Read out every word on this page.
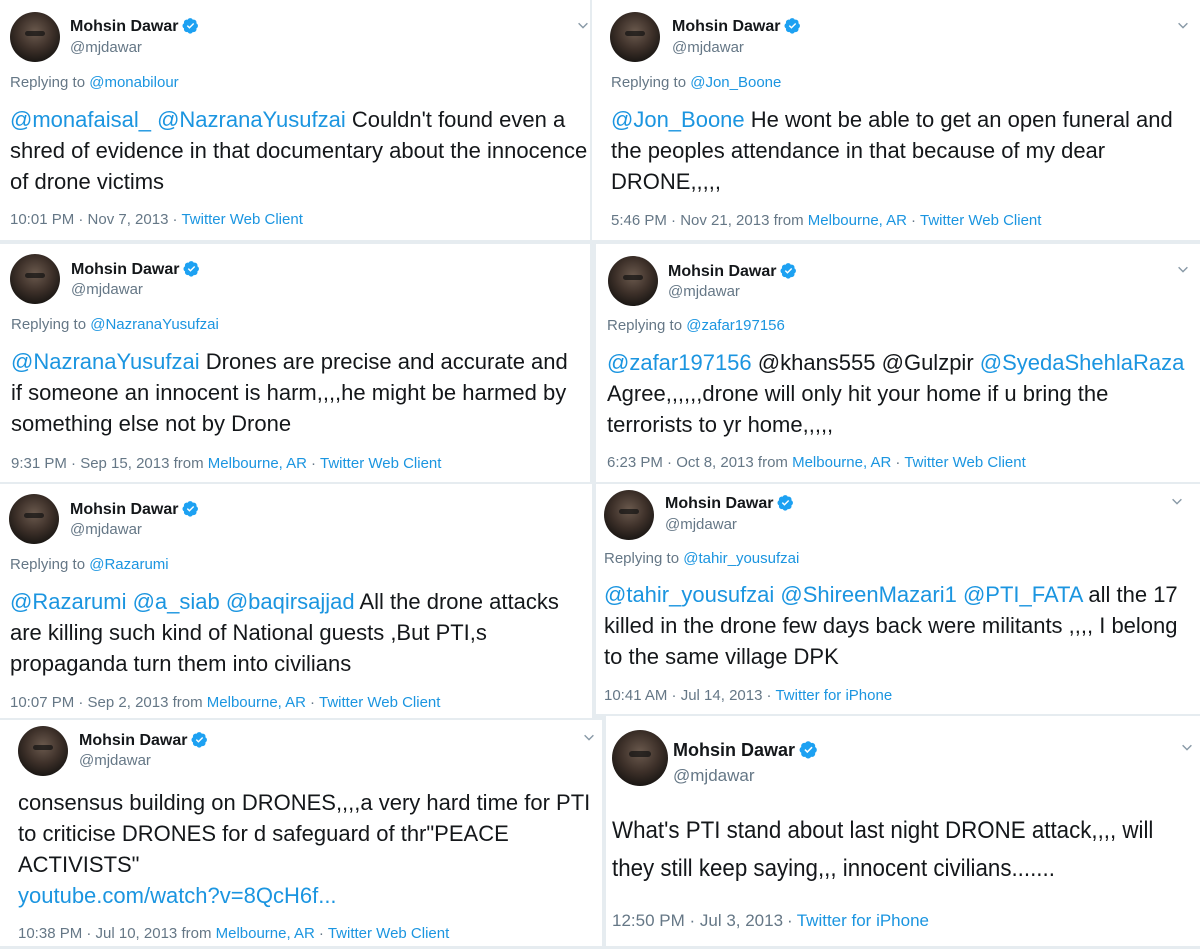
Mohsin Dawar
@mjdawar
Replying to @monabilour
@monafaisal_ @NazranaYusufzai Couldn't found even a shred of evidence in that documentary about the innocence of drone victims
10:01 PM · Nov 7, 2013 · Twitter Web Client
Mohsin Dawar
@mjdawar
Replying to @Jon_Boone
@Jon_Boone He wont be able to get an open funeral and the peoples attendance in that because of my dear DRONE,,,,,
5:46 PM · Nov 21, 2013 from Melbourne, AR · Twitter Web Client
Mohsin Dawar
@mjdawar
Replying to @NazranaYusufzai
@NazranaYusufzai Drones are precise and accurate and if someone an innocent is harm,,,,he might be harmed by something else not by Drone
9:31 PM · Sep 15, 2013 from Melbourne, AR · Twitter Web Client
Mohsin Dawar
@mjdawar
Replying to @zafar197156
@zafar197156 @khans555 @Gulzpir @SyedaShehlaRaza Agree,,,,,,drone will only hit your home if u bring the terrorists to yr home,,,,,
6:23 PM · Oct 8, 2013 from Melbourne, AR · Twitter Web Client
Mohsin Dawar
@mjdawar
Replying to @Razarumi
@Razarumi @a_siab @baqirsajjad All the drone attacks are killing such kind of National guests ,But PTI,s propaganda turn them into civilians
10:07 PM · Sep 2, 2013 from Melbourne, AR · Twitter Web Client
Mohsin Dawar
@mjdawar
Replying to @tahir_yousufzai
@tahir_yousufzai @ShireenMazari1 @PTI_FATA all the 17 killed in the drone few days back were militants ,,,, I belong to the same village DPK
10:41 AM · Jul 14, 2013 · Twitter for iPhone
Mohsin Dawar
@mjdawar
consensus building on DRONES,,,,a very hard time for PTI to criticise DRONES for d safeguard of thr"PEACE ACTIVISTS"
youtube.com/watch?v=8QcH6f...
10:38 PM · Jul 10, 2013 from Melbourne, AR · Twitter Web Client
Mohsin Dawar
@mjdawar
What's PTI stand about last night DRONE attack,,,, will they still keep saying,,, innocent civilians.......
12:50 PM · Jul 3, 2013 · Twitter for iPhone
